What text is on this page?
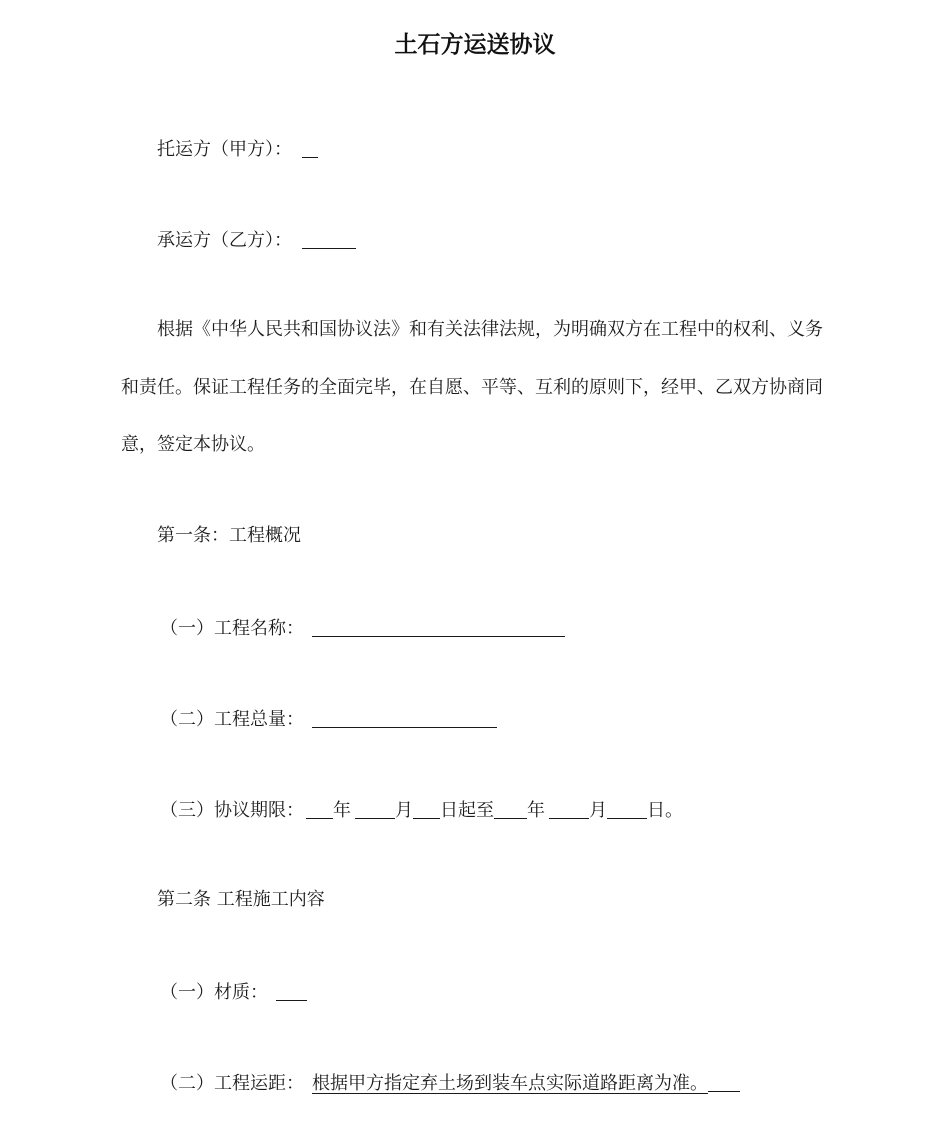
土石方运送协议
托运方（甲方）：
承运方（乙方）：
根据《中华人民共和国协议法》和有关法律法规，为明确双方在工程中的权利、义务
和责任。保证工程任务的全面完毕，在自愿、平等、互利的原则下，经甲、乙双方协商同
意，签定本协议。
第一条：工程概况
（一）工程名称：
（二）工程总量：
（三）协议期限： 年 月 日起至 年 月 日。
第二条 工程施工内容
（一）材质：
（二）工程运距： 根据甲方指定弃土场到装车点实际道路距离为准。
